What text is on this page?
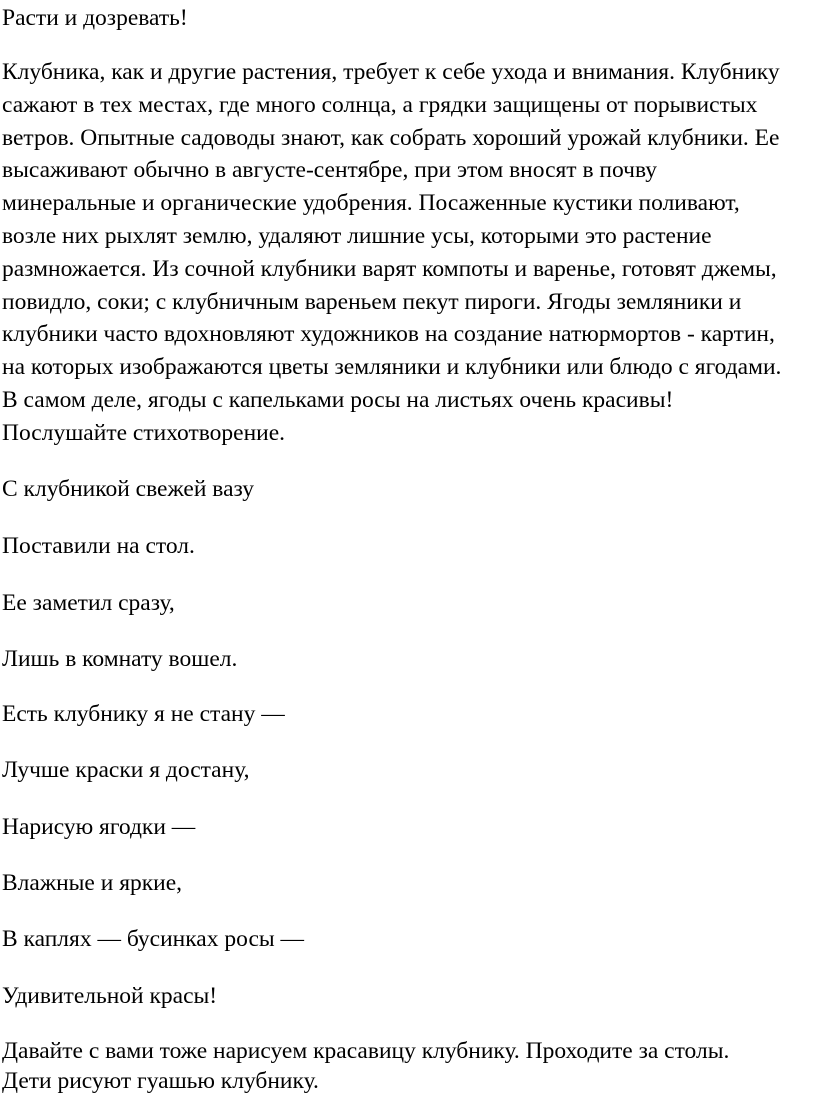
Расти и дозревать!

Клубника, как и другие растения, требует к себе ухода и внимания. Клубнику
сажают в тех местах, где много солнца, а грядки защищены от порывистых
ветров. Опытные садоводы знают, как собрать хороший урожай клубники. Ее
высаживают обычно в августе-сентябре, при этом вносят в почву
минеральные и органические удобрения. Посаженные кустики поливают,
возле них рыхлят землю, удаляют лишние усы, которыми это растение
размножается. Из сочной клубники варят компоты и варенье, готовят джемы,
повидло, соки; с клубничным вареньем пекут пироги. Ягоды земляники и
клубники часто вдохновляют художников на создание натюрмортов - картин,
на которых изображаются цветы земляники и клубники или блюдо с ягодами.
В самом деле, ягоды с капельками росы на листьях очень красивы!
Послушайте стихотворение.

С клубникой свежей вазу

Поставили на стол.

Ее заметил сразу,

Лишь в комнату вошел.

Есть клубнику я не стану —

Лучше краски я достану,

Нарисую ягодки —

Влажные и яркие,

В каплях — бусинках росы —

Удивительной красы!

Давайте с вами тоже нарисуем красавицу клубнику. Проходите за столы.
Дети рисуют гуашью клубнику.
